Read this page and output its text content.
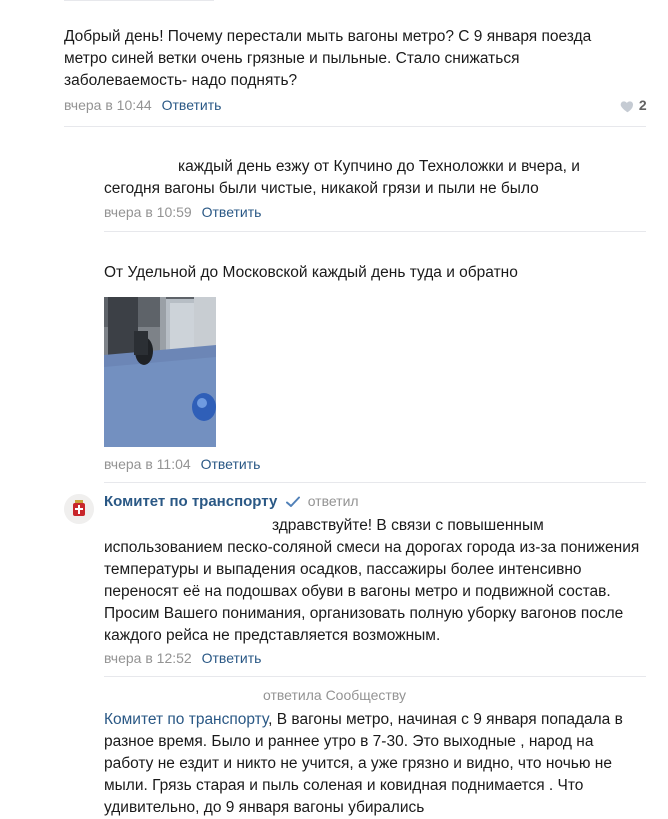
Добрый день! Почему перестали мыть вагоны метро? С 9 января поезда метро синей ветки очень грязные и пыльные. Стало снижаться заболеваемость- надо поднять?
вчера в 10:44 Ответить	2
каждый день езжу от Купчино до Техноложки и вчера, и сегодня вагоны были чистые, никакой грязи и пыли не было
вчера в 10:59 Ответить
От Удельной до Московской каждый день туда и обратно
вчера в 11:04 Ответить
Комитет по транспорту ответил
здравствуйте! В связи с повышенным использованием песко-соляной смеси на дорогах города из-за понижения температуры и выпадения осадков, пассажиры более интенсивно переносят её на подошвах обуви в вагоны метро и подвижной состав. Просим Вашего понимания, организовать полную уборку вагонов после каждого рейса не представляется возможным.
вчера в 12:52 Ответить
ответила Сообществу
Комитет по транспорту, В вагоны метро, начиная с 9 января попадала в разное время. Было и раннее утро в 7-30. Это выходные , народ на работу не ездит и никто не учится, а уже грязно и видно, что ночью не мыли. Грязь старая и пыль соленая и ковидная поднимается . Что удивительно, до 9 января вагоны убирались
